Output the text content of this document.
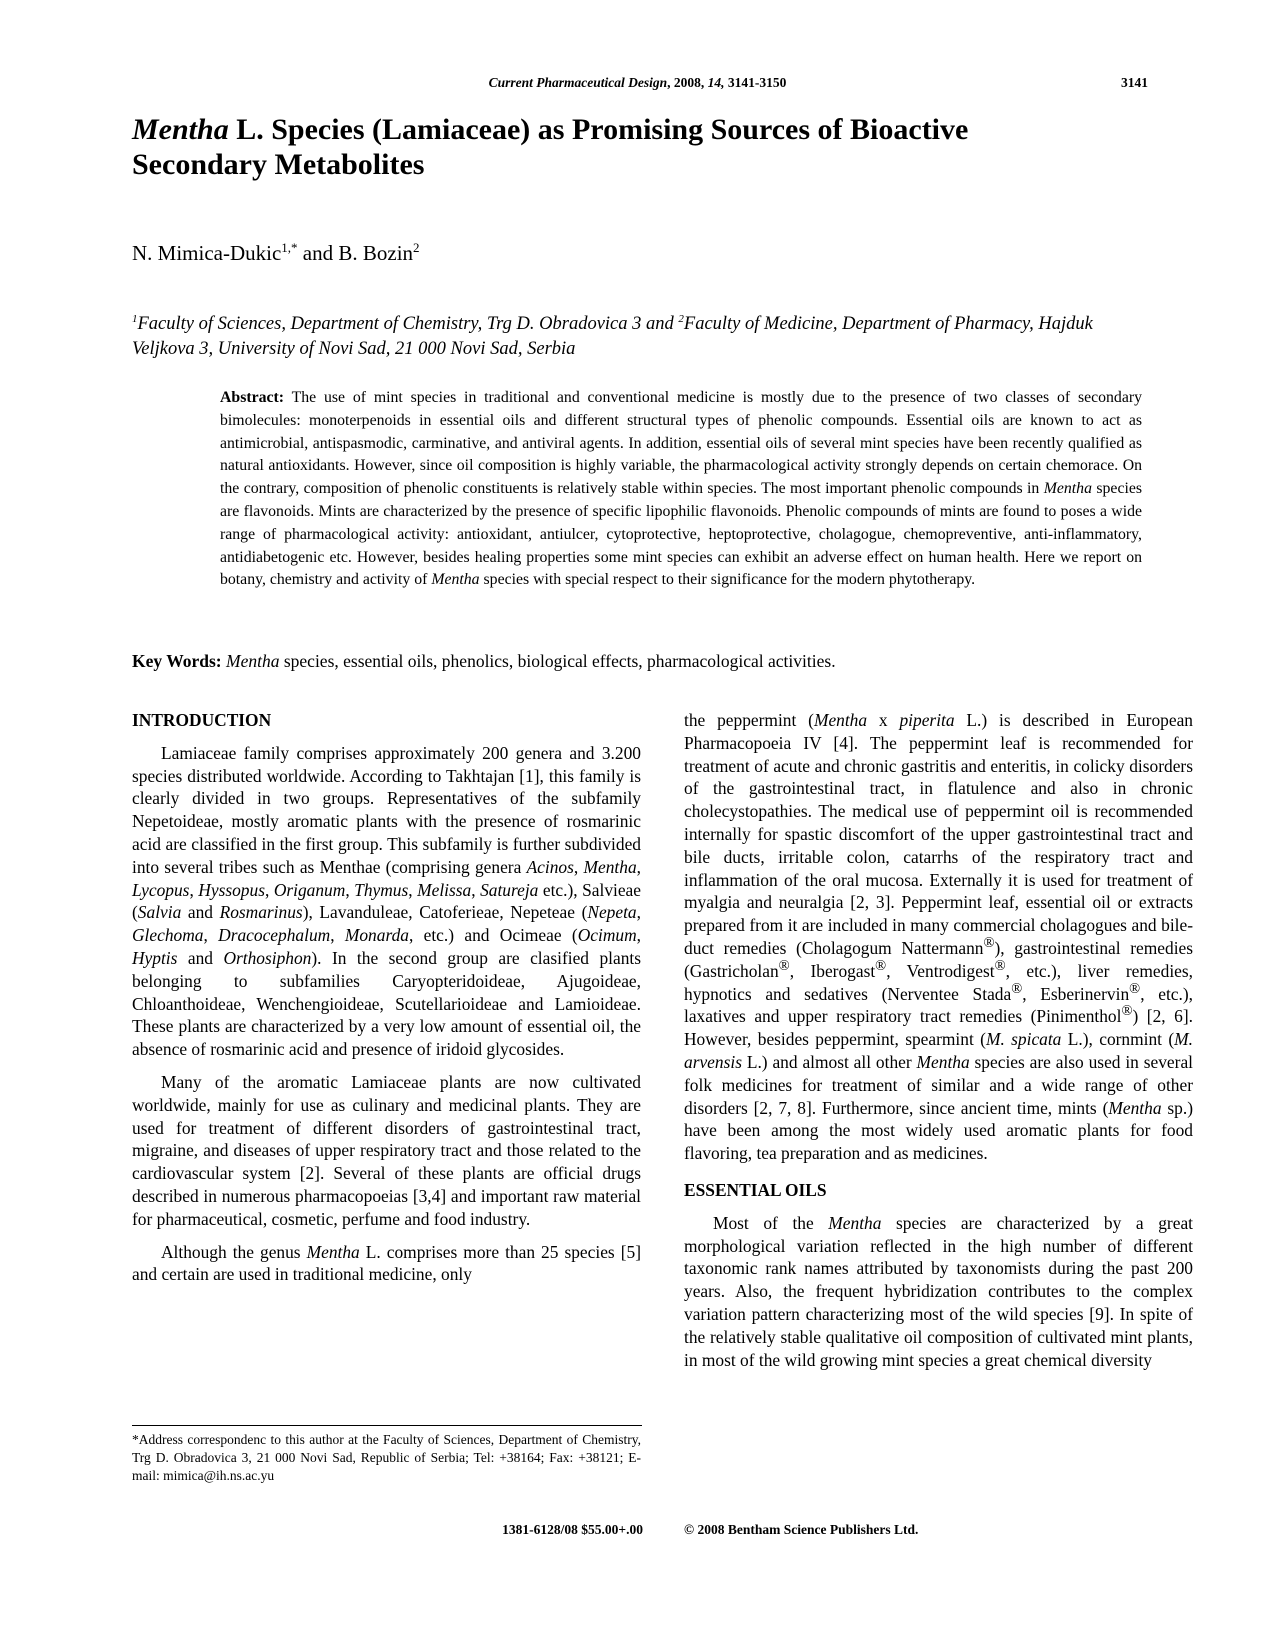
Current Pharmaceutical Design, 2008, 14, 3141-3150	3141
Mentha L. Species (Lamiaceae) as Promising Sources of Bioactive
Secondary Metabolites
N. Mimica-Dukic$^{1,*}$ and B. Bozin$^2$
$^1$Faculty of Sciences, Department of Chemistry, Trg D. Obradovica 3 and $^2$Faculty of Medicine, Department of Pharmacy, Hajduk Veljkova 3, University of Novi Sad, 21 000 Novi Sad, Serbia
Abstract: The use of mint species in traditional and conventional medicine is mostly due to the presence of two classes of secondary bimolecules: monoterpenoids in essential oils and different structural types of phenolic compounds. Essential oils are known to act as antimicrobial, antispasmodic, carminative, and antiviral agents. In addition, essential oils of several mint species have been recently qualified as natural antioxidants. However, since oil composition is highly variable, the pharmacological activity strongly depends on certain chemorace. On the contrary, composition of phenolic constituents is relatively stable within species. The most important phenolic compounds in Mentha species are flavonoids. Mints are characterized by the presence of specific lipophilic flavonoids. Phenolic compounds of mints are found to poses a wide range of pharmacological activity: antioxidant, antiulcer, cytoprotective, heptoprotective, cholagogue, chemopreventive, anti-inflammatory, antidiabetogenic etc. However, besides healing properties some mint species can exhibit an adverse effect on human health. Here we report on botany, chemistry and activity of Mentha species with special respect to their significance for the modern phytotherapy.
Key Words: Mentha species, essential oils, phenolics, biological effects, pharmacological activities.
INTRODUCTION

Lamiaceae family comprises approximately 200 genera and 3.200 species distributed worldwide. According to Takhtajan [1], this family is clearly divided in two groups. Representatives of the subfamily Nepetoideae, mostly aromatic plants with the presence of rosmarinic acid are classified in the first group. This subfamily is further subdivided into several tribes such as Menthae (comprising genera Acinos, Mentha, Lycopus, Hyssopus, Origanum, Thymus, Melissa, Satureja etc.), Salvieae (Salvia and Rosmarinus), Lavanduleae, Catoferieae, Nepeteae (Nepeta, Glechoma, Dracocephalum, Monarda, etc.) and Ocimeae (Ocimum, Hyptis and Orthosiphon). In the second group are clasified plants belonging to subfamilies Caryopteridoideae, Ajugoideae, Chloanthoideae, Wenchengioideae, Scutellarioideae and Lamioideae. These plants are characterized by a very low amount of essential oil, the absence of rosmarinic acid and presence of iridoid glycosides.

Many of the aromatic Lamiaceae plants are now cultivated worldwide, mainly for use as culinary and medicinal plants. They are used for treatment of different disorders of gastrointestinal tract, migraine, and diseases of upper respiratory tract and those related to the cardiovascular system [2]. Several of these plants are official drugs described in numerous pharmacopoeias [3,4] and important raw material for pharmaceutical, cosmetic, perfume and food industry.

Although the genus Mentha L. comprises more than 25 species [5] and certain are used in traditional medicine, only

the peppermint (Mentha x piperita L.) is described in European Pharmacopoeia IV [4]. The peppermint leaf is recommended for treatment of acute and chronic gastritis and enteritis, in colicky disorders of the gastrointestinal tract, in flatulence and also in chronic cholecystopathies. The medical use of peppermint oil is recommended internally for spastic discomfort of the upper gastrointestinal tract and bile ducts, irritable colon, catarrhs of the respiratory tract and inflammation of the oral mucosa. Externally it is used for treatment of myalgia and neuralgia [2, 3]. Peppermint leaf, essential oil or extracts prepared from it are included in many commercial cholagogues and bile-duct remedies (Cholagogum Nattermann®), gastrointestinal remedies (Gastricholan®, Iberogast®, Ventrodigest®, etc.), liver remedies, hypnotics and sedatives (Nerventee Stada®, Esberinervin®, etc.), laxatives and upper respiratory tract remedies (Pinimenthol®) [2, 6]. However, besides peppermint, spearmint (M. spicata L.), cornmint (M. arvensis L.) and almost all other Mentha species are also used in several folk medicines for treatment of similar and a wide range of other disorders [2, 7, 8]. Furthermore, since ancient time, mints (Mentha sp.) have been among the most widely used aromatic plants for food flavoring, tea preparation and as medicines.

ESSENTIAL OILS

Most of the Mentha species are characterized by a great morphological variation reflected in the high number of different taxonomic rank names attributed by taxonomists during the past 200 years. Also, the frequent hybridization contributes to the complex variation pattern characterizing most of the wild species [9]. In spite of the relatively stable qualitative oil composition of cultivated mint plants, in most of the wild growing mint species a great chemical diversity

*Address correspondenc to this author at the Faculty of Sciences, Department of Chemistry, Trg D. Obradovica 3, 21 000 Novi Sad, Republic of Serbia; Tel: +38164; Fax: +38121; E-mail: mimica@ih.ns.ac.yu
1381-6128/08 $55.00+.00	© 2008 Bentham Science Publishers Ltd.
